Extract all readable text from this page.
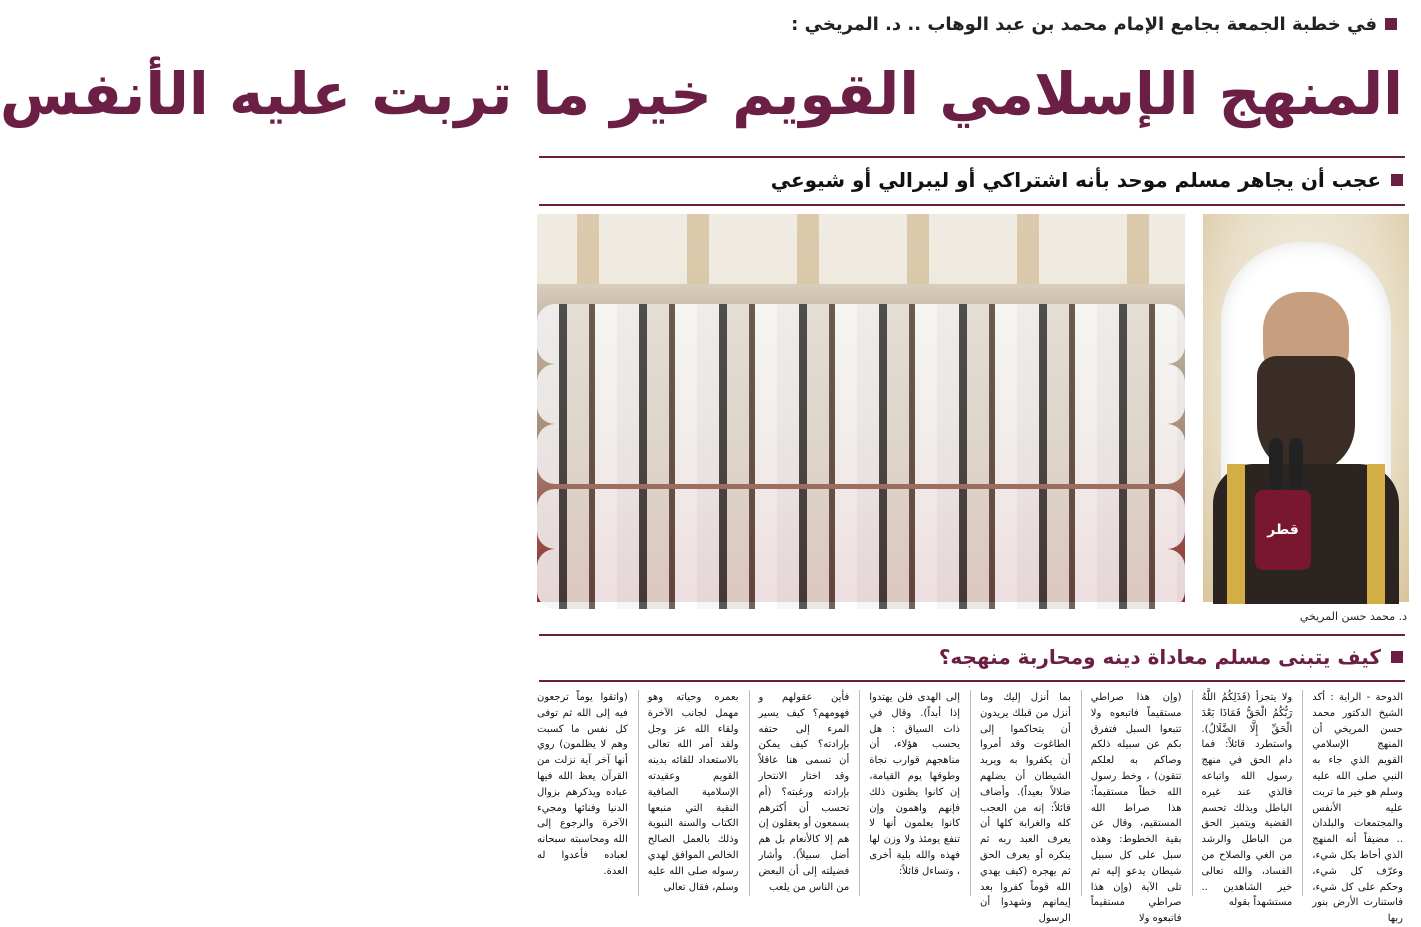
في خطبة الجمعة بجامع الإمام محمد بن عبد الوهاب .. د. المريخي :
المنهج الإسلامي القويم خير ما تربت عليه الأنفس
عجب أن يجاهر مسلم موحد بأنه اشتراكي أو ليبرالي أو شيوعي
قطر
د. محمد حسن المريخي
كيف يتبنى مسلم معاداة دينه ومحاربة منهجه؟
الدوحة - الراية : أكد الشيخ الدكتور محمد حسن المريخي أن المنهج الإسلامي القويم الذي جاء به النبي صلى الله عليه وسلم هو خير ما تربت عليه الأنفس والمجتمعات والبلدان .. مضيفاً أنه المنهج الذي أحاط بكل شيء، وعرّف كل شيء، وحكم على كل شيء، فاستنارت الأرض بنور ربها
ولا يتجزأ (فَذَلِكُمُ اللَّهُ رَبُّكُمُ الْحَقُّ فَمَاذَا بَعْدَ الْحَقِّ إِلَّا الضَّلَالُ). واستطرد قائلاً: فما دام الحق في منهج رسول الله واتباعه فالذي عند غيره الباطل وبذلك تحسم القضية ويتميز الحق من الباطل والرشد من الغي والصلاح من الفساد، والله تعالى خير الشاهدين .. مستشهداً بقوله
(وإن هذا صراطي مستقيماً فاتبعوه ولا تتبعوا السبل فتفرق بكم عن سبيله ذلكم وصاكم به لعلكم تتقون) ، وخط رسول الله خطاً مستقيماً: هذا صراط الله المستقيم، وقال عن بقية الخطوط: وهذه سبل على كل سبيل شيطان يدعو إليه ثم تلى الآية (وإن هذا صراطي مستقيماً فاتبعوه ولا
بما أنزل إليك وما أنزل من قبلك يريدون أن يتحاكموا إلى الطاغوت وقد أمروا أن يكفروا به ويريد الشيطان أن يضلهم ضلالاً بعيداً). وأضاف قائلاً: إنه من العجب كله والغرابة كلها أن يعرف العبد ربه ثم ينكره أو يعرف الحق ثم يهجره (كيف يهدي الله قوماً كفروا بعد إيمانهم وشهدوا أن الرسول
إلى الهدى فلن يهتدوا إذا أبداً). وقال في ذات السياق : هل يحسب هؤلاء، أن مناهجهم قوارب نجاة وطوقها يوم القيامة، إن كانوا يظنون ذلك فإنهم واهمون وإن كانوا يعلمون أنها لا تنفع يومئذ ولا وزن لها فهذه والله بلية أخرى ، وتساءل قائلاً:
فأين عقولهم و فهومهم؟ كيف يسير المرء إلى حتفه بإرادته؟ كيف يمكن أن تسمى هنا عاقلاً وقد اختار الانتحار بإرادته ورغبته؟ (أم تحسب أن أكثرهم يسمعون أو يعقلون إن هم إلا كالأنعام بل هم أضل سبيلاً). وأشار فضيلته إلى أن البعض من الناس من يلعب
بعمره وحياته وهو مهمل لجانب الآخرة ولقاء الله عز وجل ولقد أمر الله تعالى بالاستعداد للقائه بدينه القويم وعقيدته الإسلامية الصافية النقية التي منبعها الكتاب والسنة النبوية وذلك بالعمل الصالح الخالص الموافق لهدي رسوله صلى الله عليه وسلم، فقال تعالى
(واتقوا يوماً ترجعون فيه إلى الله ثم توفى كل نفس ما كسبت وهم لا يظلمون) روي أنها آخر آية نزلت من القرآن يعظ الله فيها عباده ويذكرهم بزوال الدنيا وفنائها ومجيء الآخرة والرجوع إلى الله ومحاسبته سبحانه لعباده فأعدوا له العدة.
